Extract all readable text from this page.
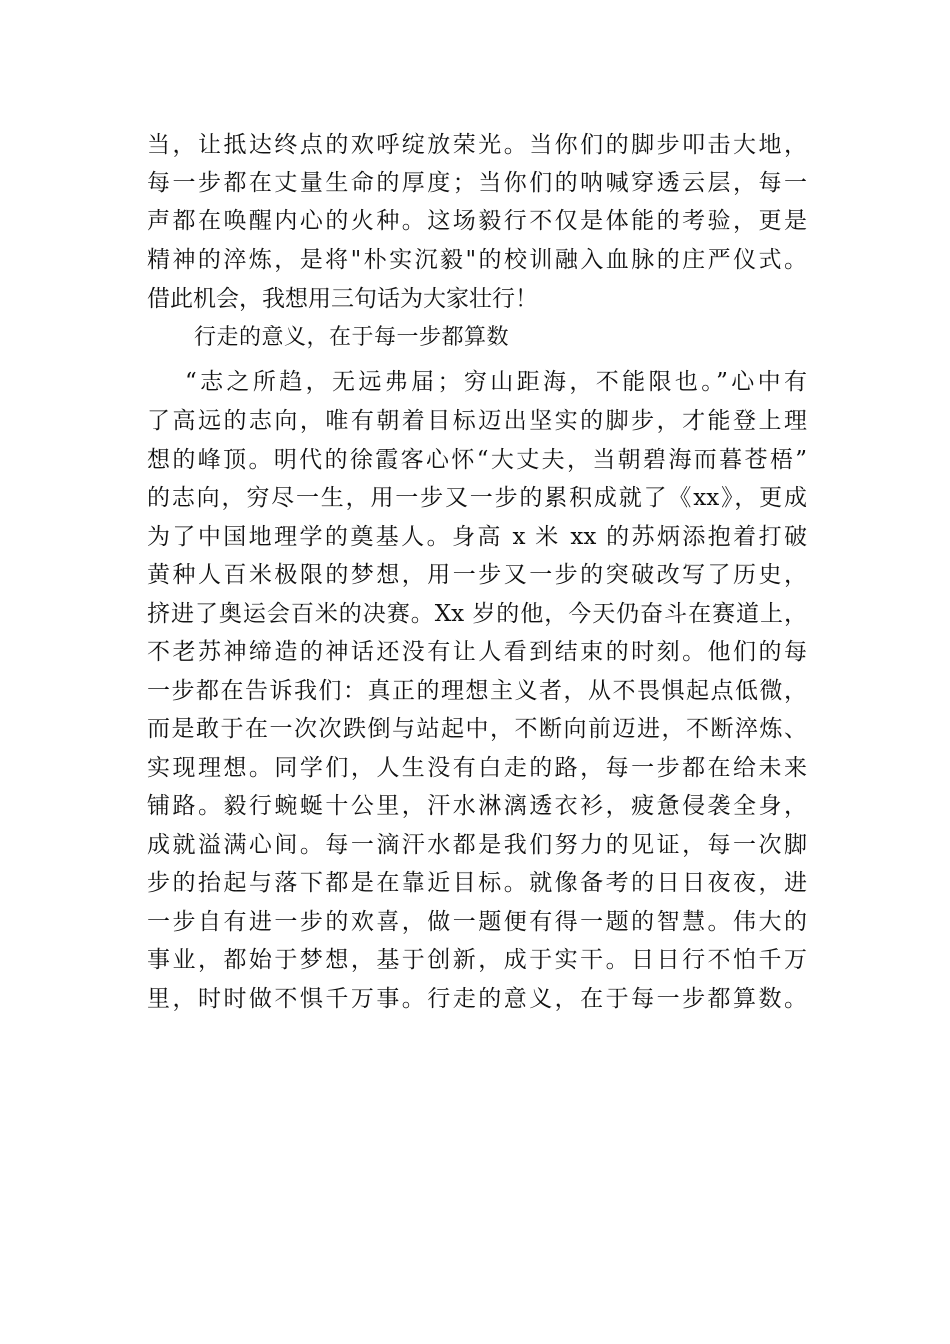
当，让抵达终点的欢呼绽放荣光。当你们的脚步叩击大地，
每一步都在丈量生命的厚度；当你们的呐喊穿透云层，每一
声都在唤醒内心的火种。这场毅行不仅是体能的考验，更是
精神的淬炼，是将"朴实沉毅"的校训融入血脉的庄严仪式。
借此机会，我想用三句话为大家壮行！
行走的意义，在于每一步都算数
“志之所趋，无远弗届；穷山距海，不能限也。”心中有
了高远的志向，唯有朝着目标迈出坚实的脚步，才能登上理
想的峰顶。明代的徐霞客心怀“大丈夫，当朝碧海而暮苍梧”
的志向，穷尽一生，用一步又一步的累积成就了《xx》，更成
为了中国地理学的奠基人。身高 x 米 xx 的苏炳添抱着打破
黄种人百米极限的梦想，用一步又一步的突破改写了历史，
挤进了奥运会百米的决赛。Xx 岁的他，今天仍奋斗在赛道上，
不老苏神缔造的神话还没有让人看到结束的时刻。他们的每
一步都在告诉我们：真正的理想主义者，从不畏惧起点低微，
而是敢于在一次次跌倒与站起中，不断向前迈进，不断淬炼、
实现理想。同学们，人生没有白走的路，每一步都在给未来
铺路。毅行蜿蜒十公里，汗水淋漓透衣衫，疲惫侵袭全身，
成就溢满心间。每一滴汗水都是我们努力的见证，每一次脚
步的抬起与落下都是在靠近目标。就像备考的日日夜夜，进
一步自有进一步的欢喜，做一题便有得一题的智慧。伟大的
事业，都始于梦想，基于创新，成于实干。日日行不怕千万
里，时时做不惧千万事。行走的意义，在于每一步都算数。
